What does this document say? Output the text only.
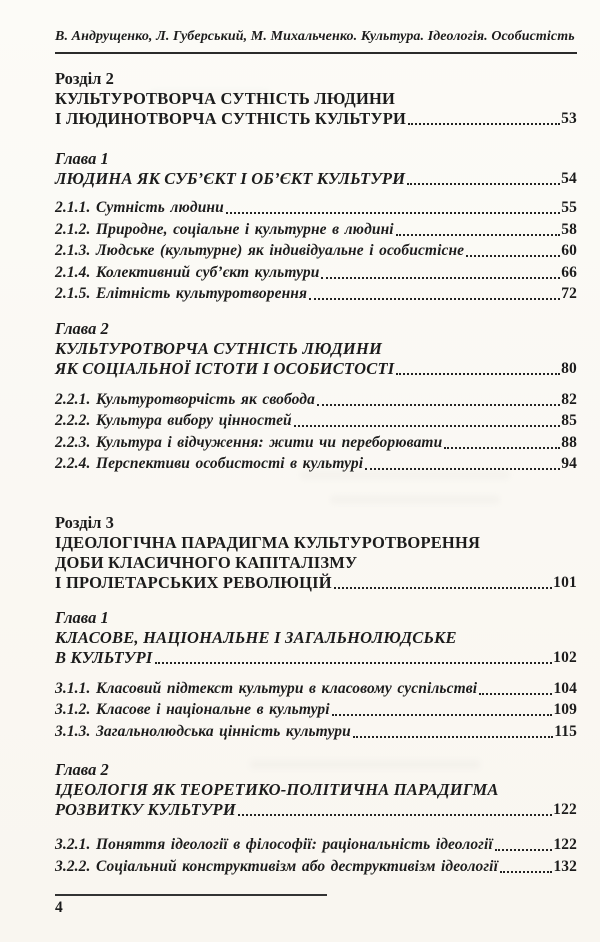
В. Андрущенко, Л. Губерський, М. Михальченко. Культура. Ідеологія. Особистість
Розділ 2
КУЛЬТУРОТВОРЧА СУТНІСТЬ ЛЮДИНИ
І ЛЮДИНОТВОРЧА СУТНІСТЬ КУЛЬТУРИ	53
Глава 1
ЛЮДИНА ЯК СУБ’ЄКТ І ОБ’ЄКТ КУЛЬТУРИ	54
2.1.1. Сутність людини	55
2.1.2. Природне, соціальне і культурне в людині	58
2.1.3. Людське (культурне) як індивідуальне і особистісне	60
2.1.4. Колективний суб’єкт культури	66
2.1.5. Елітність культуротворення	72
Глава 2
КУЛЬТУРОТВОРЧА СУТНІСТЬ ЛЮДИНИ
ЯК СОЦІАЛЬНОЇ ІСТОТИ І ОСОБИСТОСТІ	80
2.2.1. Культуротворчість як свобода	82
2.2.2. Культура вибору цінностей	85
2.2.3. Культура і відчуження: жити чи переборювати	88
2.2.4. Перспективи особистості в культурі	94
Розділ 3
ІДЕОЛОГІЧНА ПАРАДИГМА КУЛЬТУРОТВОРЕННЯ
ДОБИ КЛАСИЧНОГО КАПІТАЛІЗМУ
І ПРОЛЕТАРСЬКИХ РЕВОЛЮЦІЙ	101
Глава 1
КЛАСОВЕ, НАЦІОНАЛЬНЕ І ЗАГАЛЬНОЛЮДСЬКЕ
В КУЛЬТУРІ	102
3.1.1. Класовий підтекст культури в класовому суспільстві	104
3.1.2. Класове і національне в культурі	109
3.1.3. Загальнолюдська цінність культури	115
Глава 2
ІДЕОЛОГІЯ ЯК ТЕОРЕТИКО-ПОЛІТИЧНА ПАРАДИГМА
РОЗВИТКУ КУЛЬТУРИ	122
3.2.1. Поняття ідеології в філософії: раціональність ідеології	122
3.2.2. Соціальний конструктивізм або деструктивізм ідеології	132
4
